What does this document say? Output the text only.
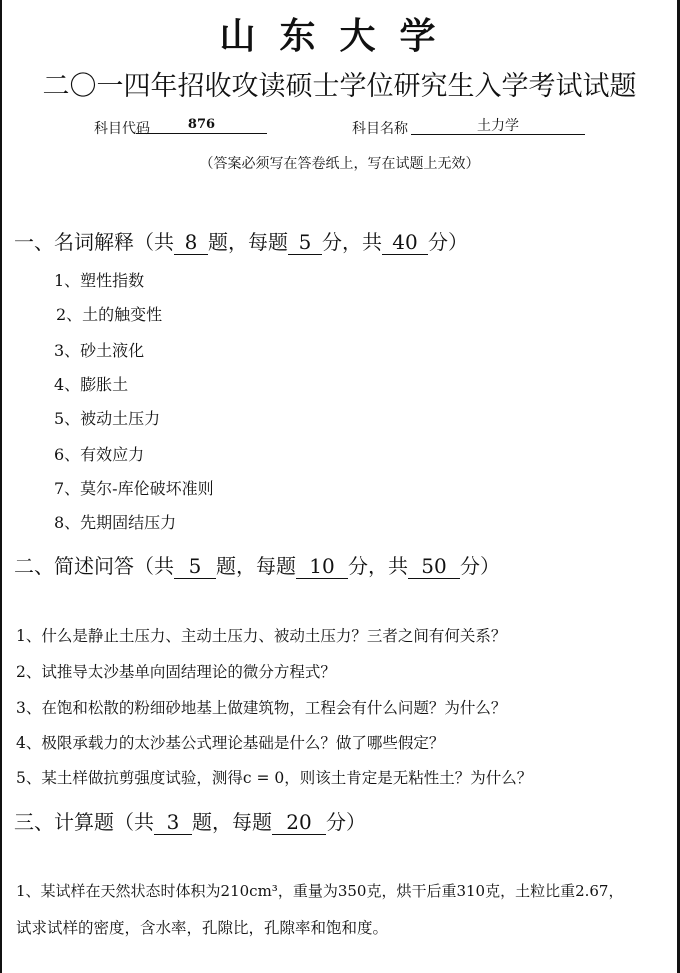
山东大学
二〇一四年招收攻读硕士学位研究生入学考试试题
科目代码	876	科目名称	土力学
（答案必须写在答卷纸上，写在试题上无效）
一、名词解释（共 8 题，每题 5 分，共 40 分）
1、塑性指数
2、土的触变性
3、砂土液化
4、膨胀土
5、被动土压力
6、有效应力
7、莫尔-库伦破坏准则
8、先期固结压力
二、简述问答（共 5 题，每题 10 分，共 50 分）
1、什么是静止土压力、主动土压力、被动土压力？三者之间有何关系？
2、试推导太沙基单向固结理论的微分方程式？
3、在饱和松散的粉细砂地基上做建筑物，工程会有什么问题？为什么？
4、极限承载力的太沙基公式理论基础是什么？做了哪些假定？
5、某土样做抗剪强度试验，测得c = 0，则该土肯定是无粘性土？为什么？
三、计算题（共 3 题，每题 20 分）
1、某试样在天然状态时体积为210cm³，重量为350克，烘干后重310克，土粒比重2.67，
试求试样的密度，含水率，孔隙比，孔隙率和饱和度。
